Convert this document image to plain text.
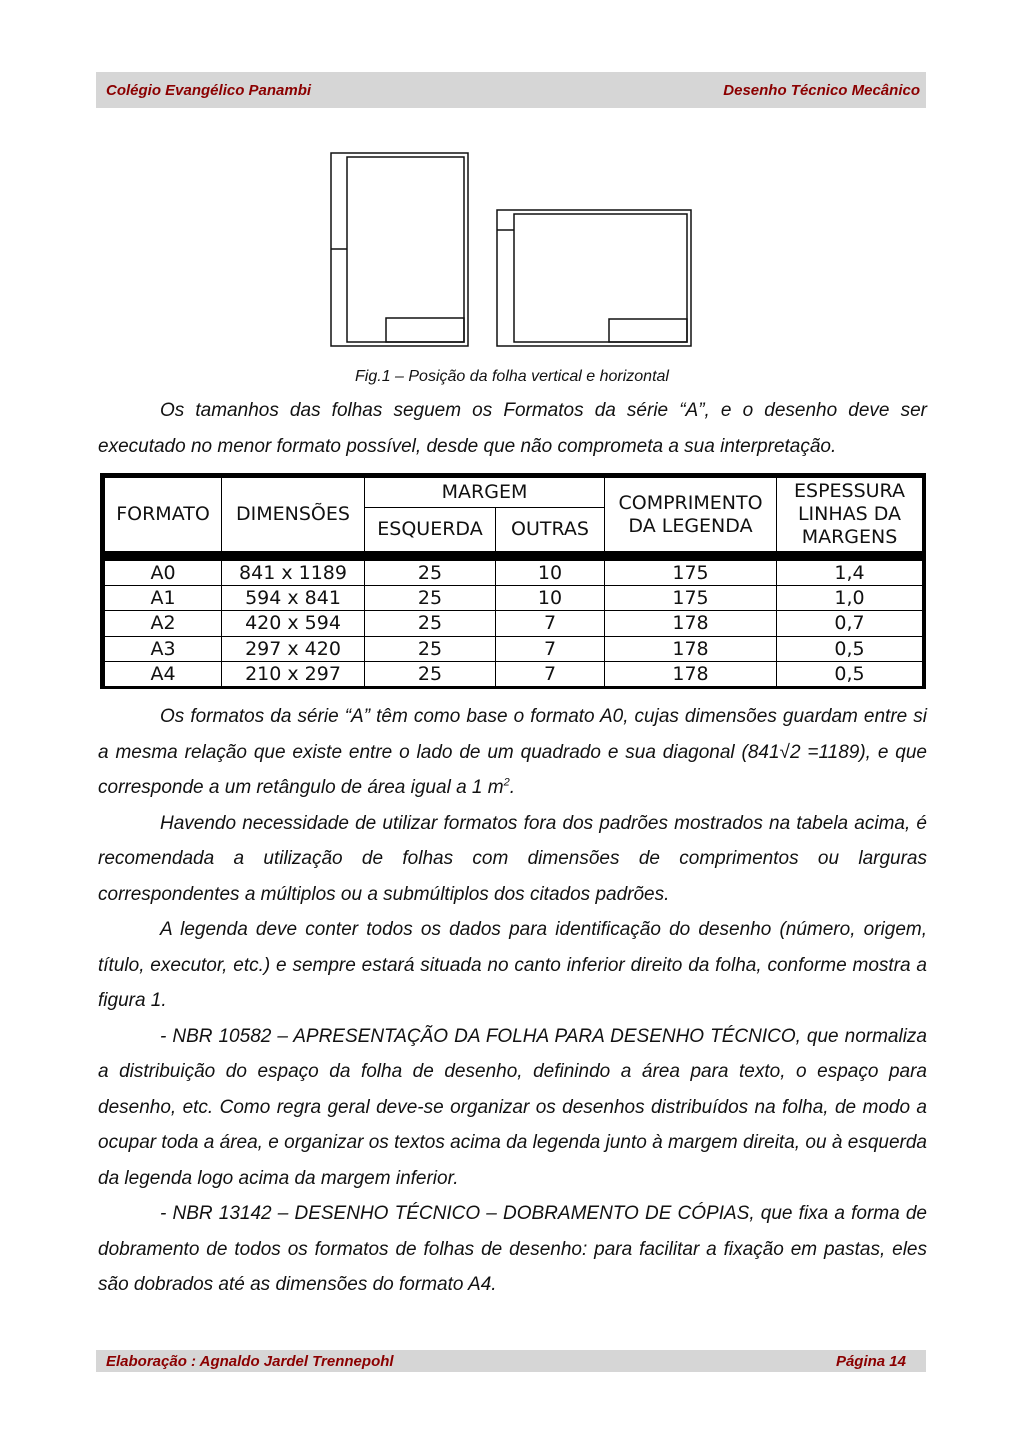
Colégio Evangélico Panambi	Desenho Técnico Mecânico
Fig.1 – Posição da folha vertical e horizontal

Os tamanhos das folhas seguem os Formatos da série “A”, e o desenho deve ser executado no menor formato possível, desde que não comprometa a sua interpretação.

FORMATO	DIMENSÕES	MARGEM		COMPRIMENTO DA LEGENDA	ESPESSURA LINHAS DA MARGENS
		ESQUERDA	OUTRAS		
A0	841 x 1189	25	10	175	1,4
A1	594 x 841	25	10	175	1,0
A2	420 x 594	25	7	178	0,7
A3	297 x 420	25	7	178	0,5
A4	210 x 297	25	7	178	0,5

Os formatos da série “A” têm como base o formato A0, cujas dimensões guardam entre si a mesma relação que existe entre o lado de um quadrado e sua diagonal (841√2 =1189), e que corresponde a um retângulo de área igual a 1 $m^2$.

Havendo necessidade de utilizar formatos fora dos padrões mostrados na tabela acima, é recomendada a utilização de folhas com dimensões de comprimentos ou larguras correspondentes a múltiplos ou a submúltiplos dos citados padrões.

A legenda deve conter todos os dados para identificação do desenho (número, origem, título, executor, etc.) e sempre estará situada no canto inferior direito da folha, conforme mostra a figura 1.

- NBR 10582 – APRESENTAÇÃO DA FOLHA PARA DESENHO TÉCNICO, que normaliza a distribuição do espaço da folha de desenho, definindo a área para texto, o espaço para desenho, etc. Como regra geral deve-se organizar os desenhos distribuídos na folha, de modo a ocupar toda a área, e organizar os textos acima da legenda junto à margem direita, ou à esquerda da legenda logo acima da margem inferior.

- NBR 13142 – DESENHO TÉCNICO – DOBRAMENTO DE CÓPIAS, que fixa a forma de dobramento de todos os formatos de folhas de desenho: para facilitar a fixação em pastas, eles são dobrados até as dimensões do formato A4.

Elaboração : Agnaldo Jardel Trennepohl	Página 14
